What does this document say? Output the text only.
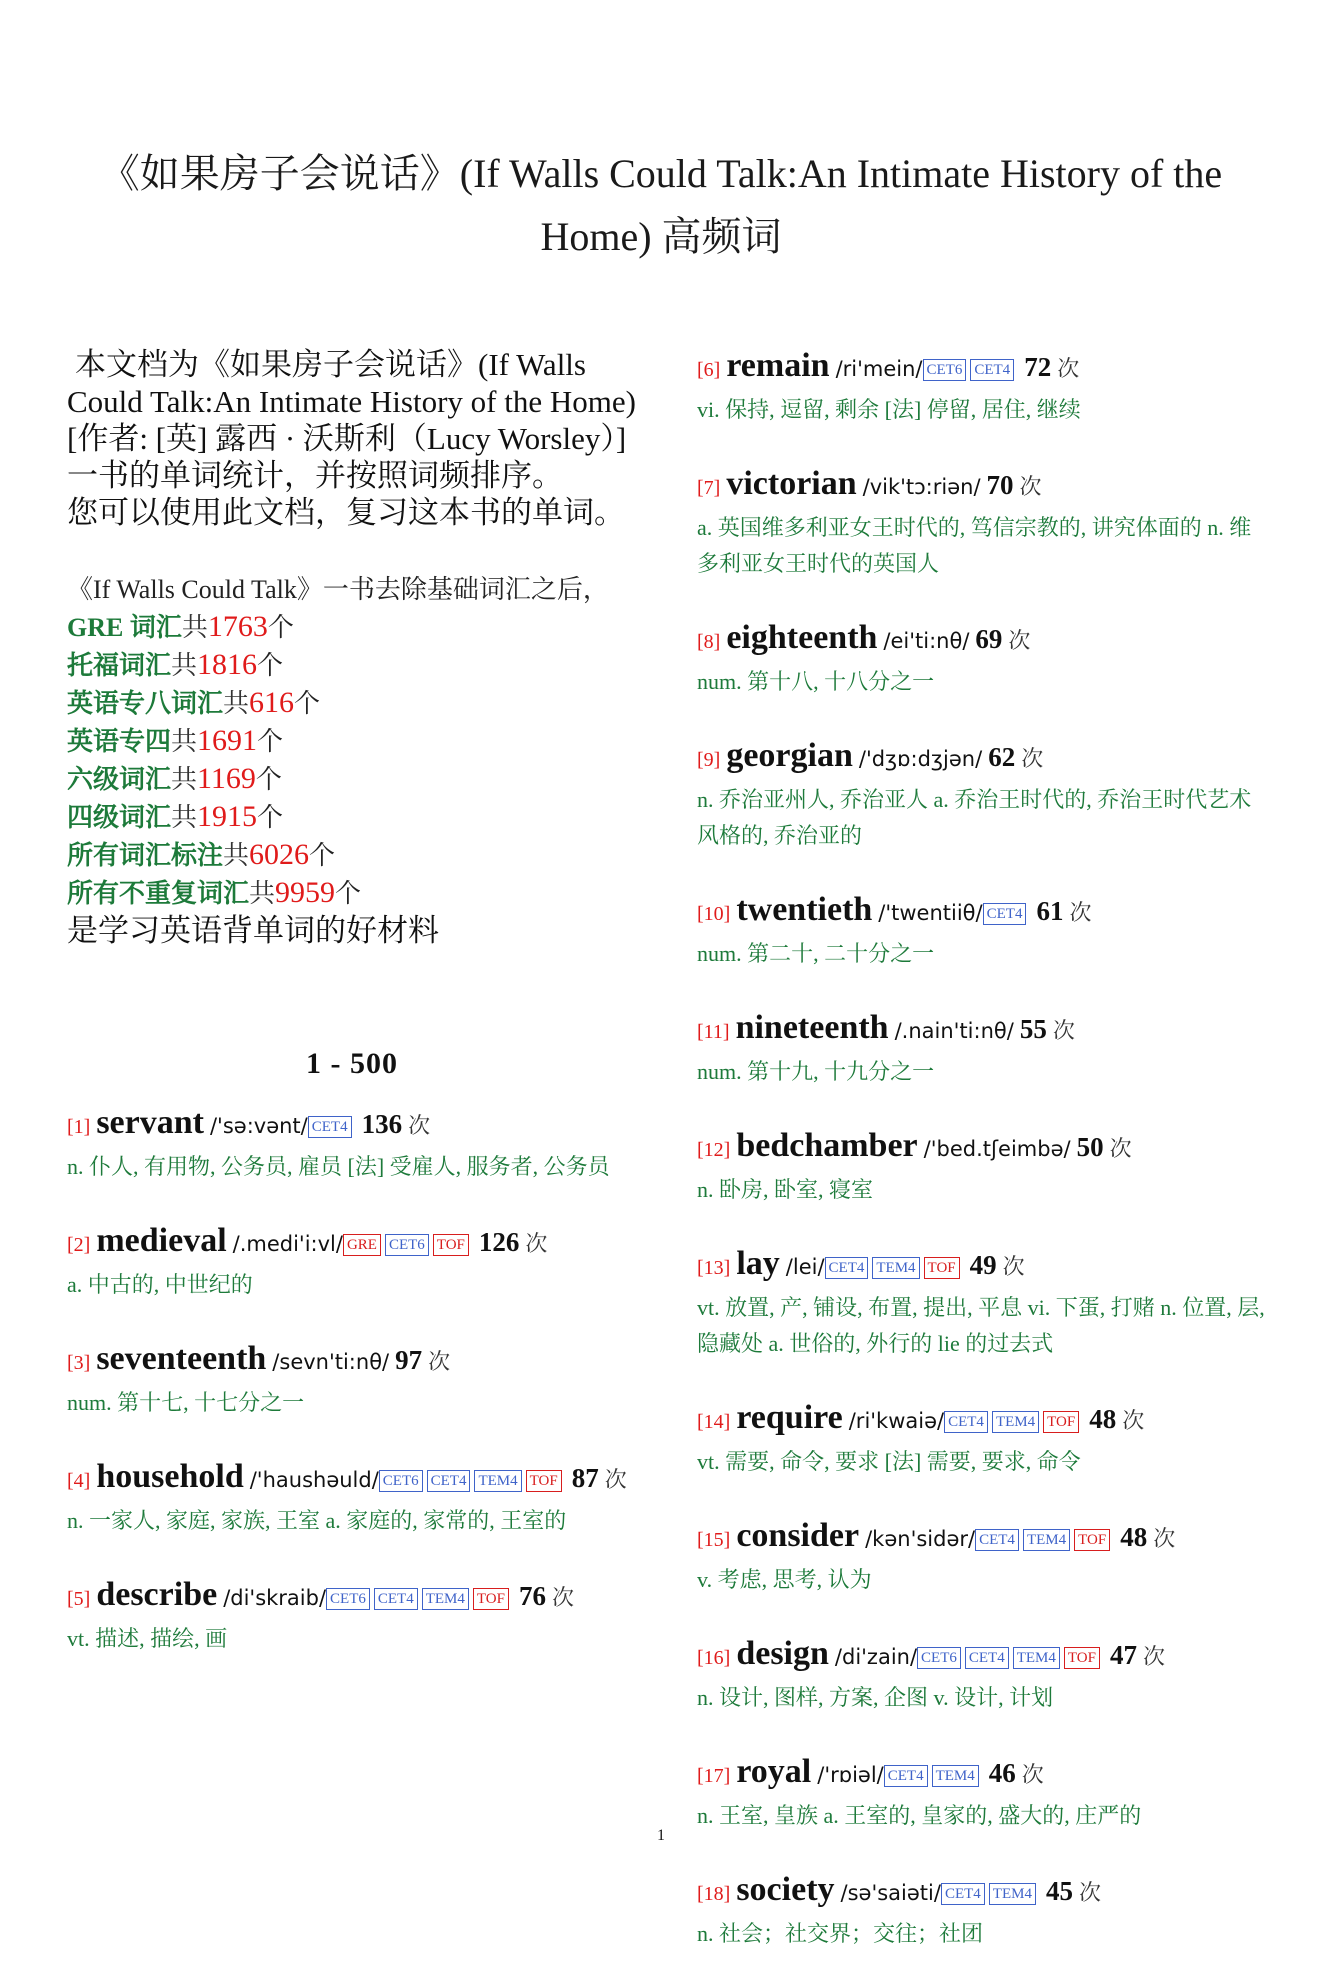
《如果房子会说话》(If Walls Could Talk:An Intimate History of the Home) 高频词

本文档为《如果房子会说话》(If Walls Could Talk:An Intimate History of the Home)[作者: [英] 露西 · 沃斯利（Lucy Worsley）] 一书的单词统计，并按照词频排序。

您可以使用此文档，复习这本书的单词。

《If Walls Could Talk》一书去除基础词汇之后，
GRE 词汇共1763个
托福词汇共1816个
英语专八词汇共616个
英语专四共1691个
六级词汇共1169个
四级词汇共1915个
所有词汇标注共6026个
所有不重复词汇共9959个
是学习英语背单词的好材料
1 - 500
[1] servant /'sə:vənt/ CET4 136 次
n. 仆人, 有用物, 公务员, 雇员 [法] 受雇人, 服务者, 公务员
[2] medieval /.medi'i:vl/ GRE CET6 TOF 126 次
a. 中古的, 中世纪的
[3] seventeenth /sevn'ti:nθ/ 97 次
num. 第十七, 十七分之一
[4] household /'haushəuld/ CET6 CET4 TEM4 TOF 87 次
n. 一家人, 家庭, 家族, 王室 a. 家庭的, 家常的, 王室的
[5] describe /di'skraib/ CET6 CET4 TEM4 TOF 76 次
vt. 描述, 描绘, 画
[6] remain /ri'mein/ CET6 CET4 72 次
vi. 保持, 逗留, 剩余 [法] 停留, 居住, 继续
[7] victorian /vik'tɔ:riən/ 70 次
a. 英国维多利亚女王时代的, 笃信宗教的, 讲究体面的 n. 维多利亚女王时代的英国人
[8] eighteenth /ei'ti:nθ/ 69 次
num. 第十八, 十八分之一
[9] georgian /'dʒɒ:dʒjən/ 62 次
n. 乔治亚州人, 乔治亚人 a. 乔治王时代的, 乔治王时代艺术风格的, 乔治亚的
[10] twentieth /'twentiiθ/ CET4 61 次
num. 第二十, 二十分之一
[11] nineteenth /.nain'ti:nθ/ 55 次
num. 第十九, 十九分之一
[12] bedchamber /'bed.tʃeimbə/ 50 次
n. 卧房, 卧室, 寝室
[13] lay /lei/ CET4 TEM4 TOF 49 次
vt. 放置, 产, 铺设, 布置, 提出, 平息 vi. 下蛋, 打赌 n. 位置, 层, 隐藏处 a. 世俗的, 外行的 lie 的过去式
[14] require /ri'kwaiə/ CET4 TEM4 TOF 48 次
vt. 需要, 命令, 要求 [法] 需要, 要求, 命令
[15] consider /kən'sidər/ CET4 TEM4 TOF 48 次
v. 考虑, 思考, 认为
[16] design /di'zain/ CET6 CET4 TEM4 TOF 47 次
n. 设计, 图样, 方案, 企图 v. 设计, 计划
[17] royal /'rɒiəl/ CET4 TEM4 46 次
n. 王室, 皇族 a. 王室的, 皇家的, 盛大的, 庄严的
[18] society /sə'saiəti/ CET4 TEM4 45 次
n. 社会；社交界；交往；社团
1
